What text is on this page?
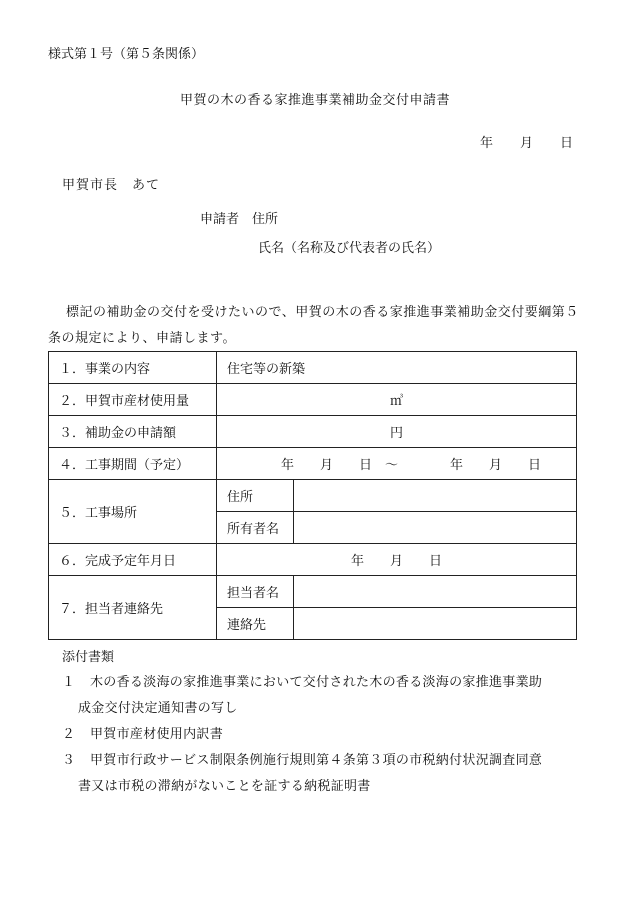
様式第１号（第５条関係）
甲賀の木の香る家推進事業補助金交付申請書
年 月 日
甲賀市長　あて
申請者　住所
氏名（名称及び代表者の氏名）
標記の補助金の交付を受けたいので、甲賀の木の香る家推進事業補助金交付要綱第５条の規定により、申請します。
１．事業の内容	住宅等の新築	
２．甲賀市産材使用量	㎥	
３．補助金の申請額	円	
４．工事期間（予定）	年　　月　　日　～　　　　年　　月　　日	
５．工事場所	住所	
	所有者名	
６．完成予定年月日	年　　月　　日	
７．担当者連絡先	担当者名	
	連絡先	
添付書類
１ 木の香る淡海の家推進事業において交付された木の香る淡海の家推進事業助
成金交付決定通知書の写し
２ 甲賀市産材使用内訳書
３ 甲賀市行政サービス制限条例施行規則第４条第３項の市税納付状況調査同意
書又は市税の滞納がないことを証する納税証明書
